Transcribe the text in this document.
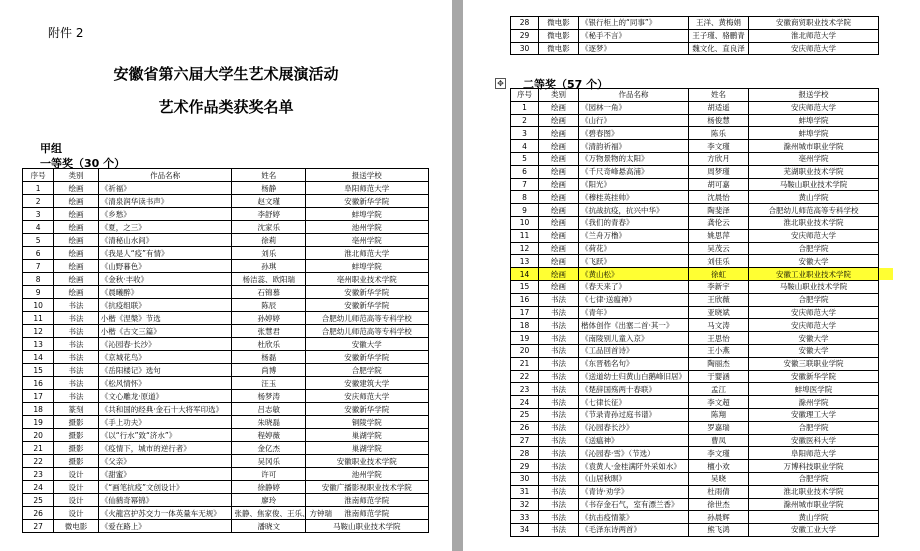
附件 2
安徽省第六届大学生艺术展演活动
艺术作品类获奖名单
甲组
一等奖（30 个）
序号	类别	作品名称	姓名	报送学校	
1	绘画	《祈福》	杨静	阜阳师范大学	
2	绘画	《清泉润华读书声》	赵文瑾	安徽新华学院	
3	绘画	《乡愁》	李舒婷	蚌埠学院	
4	绘画	《夏，之三》	沈家乐	池州学院	
5	绘画	《清秘山水间》	徐莉	亳州学院	
6	绘画	《我是人“疫”有情》	刘乐	淮北师范大学	
7	绘画	《山野暮色》	孙琪	蚌埠学院	
8	绘画	《金秋·丰收》	杨洁蕊、欧阳瑞	亳州职业技术学院	
9	绘画	《晨曦醉》	石锦慕	安徽新华学院	
10	书法	《抗疫组联》	陈辰	安徽新华学院	
11	书法	小楷《涅槃》节选	孙婷婷	合肥幼儿师范高等专科学校	
12	书法	小楷《古文三篇》	张慧君	合肥幼儿师范高等专科学校	
13	书法	《沁园春·长沙》	杜欣乐	安徽大学	
14	书法	《京城花鸟》	杨磊	安徽新华学院	
15	书法	《岳阳楼记》选句	尚博	合肥学院	
16	书法	《松风情怀》	汪玉	安徽建筑大学	
17	书法	《文心雕龙·原道》	杨梦涛	安庆师范大学	
18	篆刻	《共和国的经典·金石十大将军印选》	吕志敏	安徽新华学院	
19	摄影	《手上功夫》	朱晓磊	铜陵学院	
20	摄影	《以“行水”致“济水”》	程婷薇	巢湖学院	
21	摄影	《疫情下，城市的逆行者》	金亿杰	巢湖学院	
22	摄影	《父亲》	吴冈乐	安徽职业技术学院	
23	设计	《甜蜜》	许可	池州学院	
24	设计	《“画笔抗疫”文创设计》	徐静婷	安徽广播影视职业技术学院	
25	设计	《仙鹤奇幂锦》	廖玲	淮南师范学院	
26	设计	《火龍宫护苏交力一体英量车无规》	张静、焦家俊、王乐、方钟瑞	淮南师范学院	
27	微电影	《爱在路上》	潘晓文	马鞍山职业技术学院	
✥
28	微电影	《银行柜上的“同事”》	王洋、黄梅娟	安徽商贸职业技术学院	
29	微电影	《秘手不言》	王子瑾、骆鹏青	淮北师范大学	
30	微电影	《逐梦》	魏文化、直良泽	安庆师范大学	
二等奖（57 个）
序号	类别	作品名称	姓名	报送学校	
1	绘画	《园林一角》	胡适遥	安庆师范大学	
2	绘画	《山行》	杨俊慧	蚌埠学院	
3	绘画	《碧春图》	陈乐	蚌埠学院	
4	绘画	《清韵祈福》	李文瑾	滁州城市职业学院	
5	绘画	《万物景物的太阳》	方欣月	亳州学院	
6	绘画	《千尺奇峰悬高浦》	周梦瑾	芜湖职业技术学院	
7	绘画	《阳光》	胡可嘉	马鞍山职业技术学院	
8	绘画	《穆桂英挂帅》	沈晨怡	黄山学院	
9	绘画	《抗战抗疫，抗兴中华》	陶斐泽	合肥幼儿师范高等专科学校	
10	绘画	《我们的青春》	龚伦云	淮北职业技术学院	
11	绘画	《兰舟万橹》	姚思萍	安庆师范大学	
12	绘画	《荷花》	吴茂云	合肥学院	
13	绘画	《飞跃》	刘佳乐	安徽大学	
14	绘画	《黄山松》	徐虹	安徽工业职业技术学院	
15	绘画	《春天来了》	李新宇	马鞍山职业技术学院	
16	书法	《七律·送瘟神》	王欣薇	合肥学院	
17	书法	《青年》	亚晓斌	安庆师范大学	
18	书法	楷体创作《出塞二首·其一》	马文涛	安庆师范大学	
19	书法	《南陵别儿童入京》	王思怡	安徽大学	
20	书法	《工品回首诗》	王小燕	安徽大学	
21	书法	《东晋嵇名句》	陶丽杰	安徽三联职业学院	
22	书法	《送道幼士归黄山白鹅峰旧居》	于婴涵	安徽新华学院	
23	书法	《楚辞国殇两十春联》	孟江	蚌埠医学院	
24	书法	《七律长征》	李文超	滁州学院	
25	书法	《节录青孙过庭书谱》	陈翔	安徽理工大学	
26	书法	《沁园春长沙》	罗嘉瑞	合肥学院	
27	书法	《送瘟神》	曹凤	安徽医科大学	
28	书法	《沁园春·雪》（节选）	李文瑾	阜阳师范大学	
29	书法	《袁黄人·金桂满阡外采如水》	檀小欢	万博科技职业学院	
30	书法	《山居秋暝》	吴晓	合肥学院	
31	书法	《青诗·劝学》	杜雨倩	淮北职业技术学院	
32	书法	《书存金石气，室有漂兰香》	徐世杰	滁州城市职业学院	
33	书法	《抗击疫情篆》	孙晨辉	黄山学院	
34	书法	《毛泽东诗两首》	熊飞鸿	安徽工业大学	
